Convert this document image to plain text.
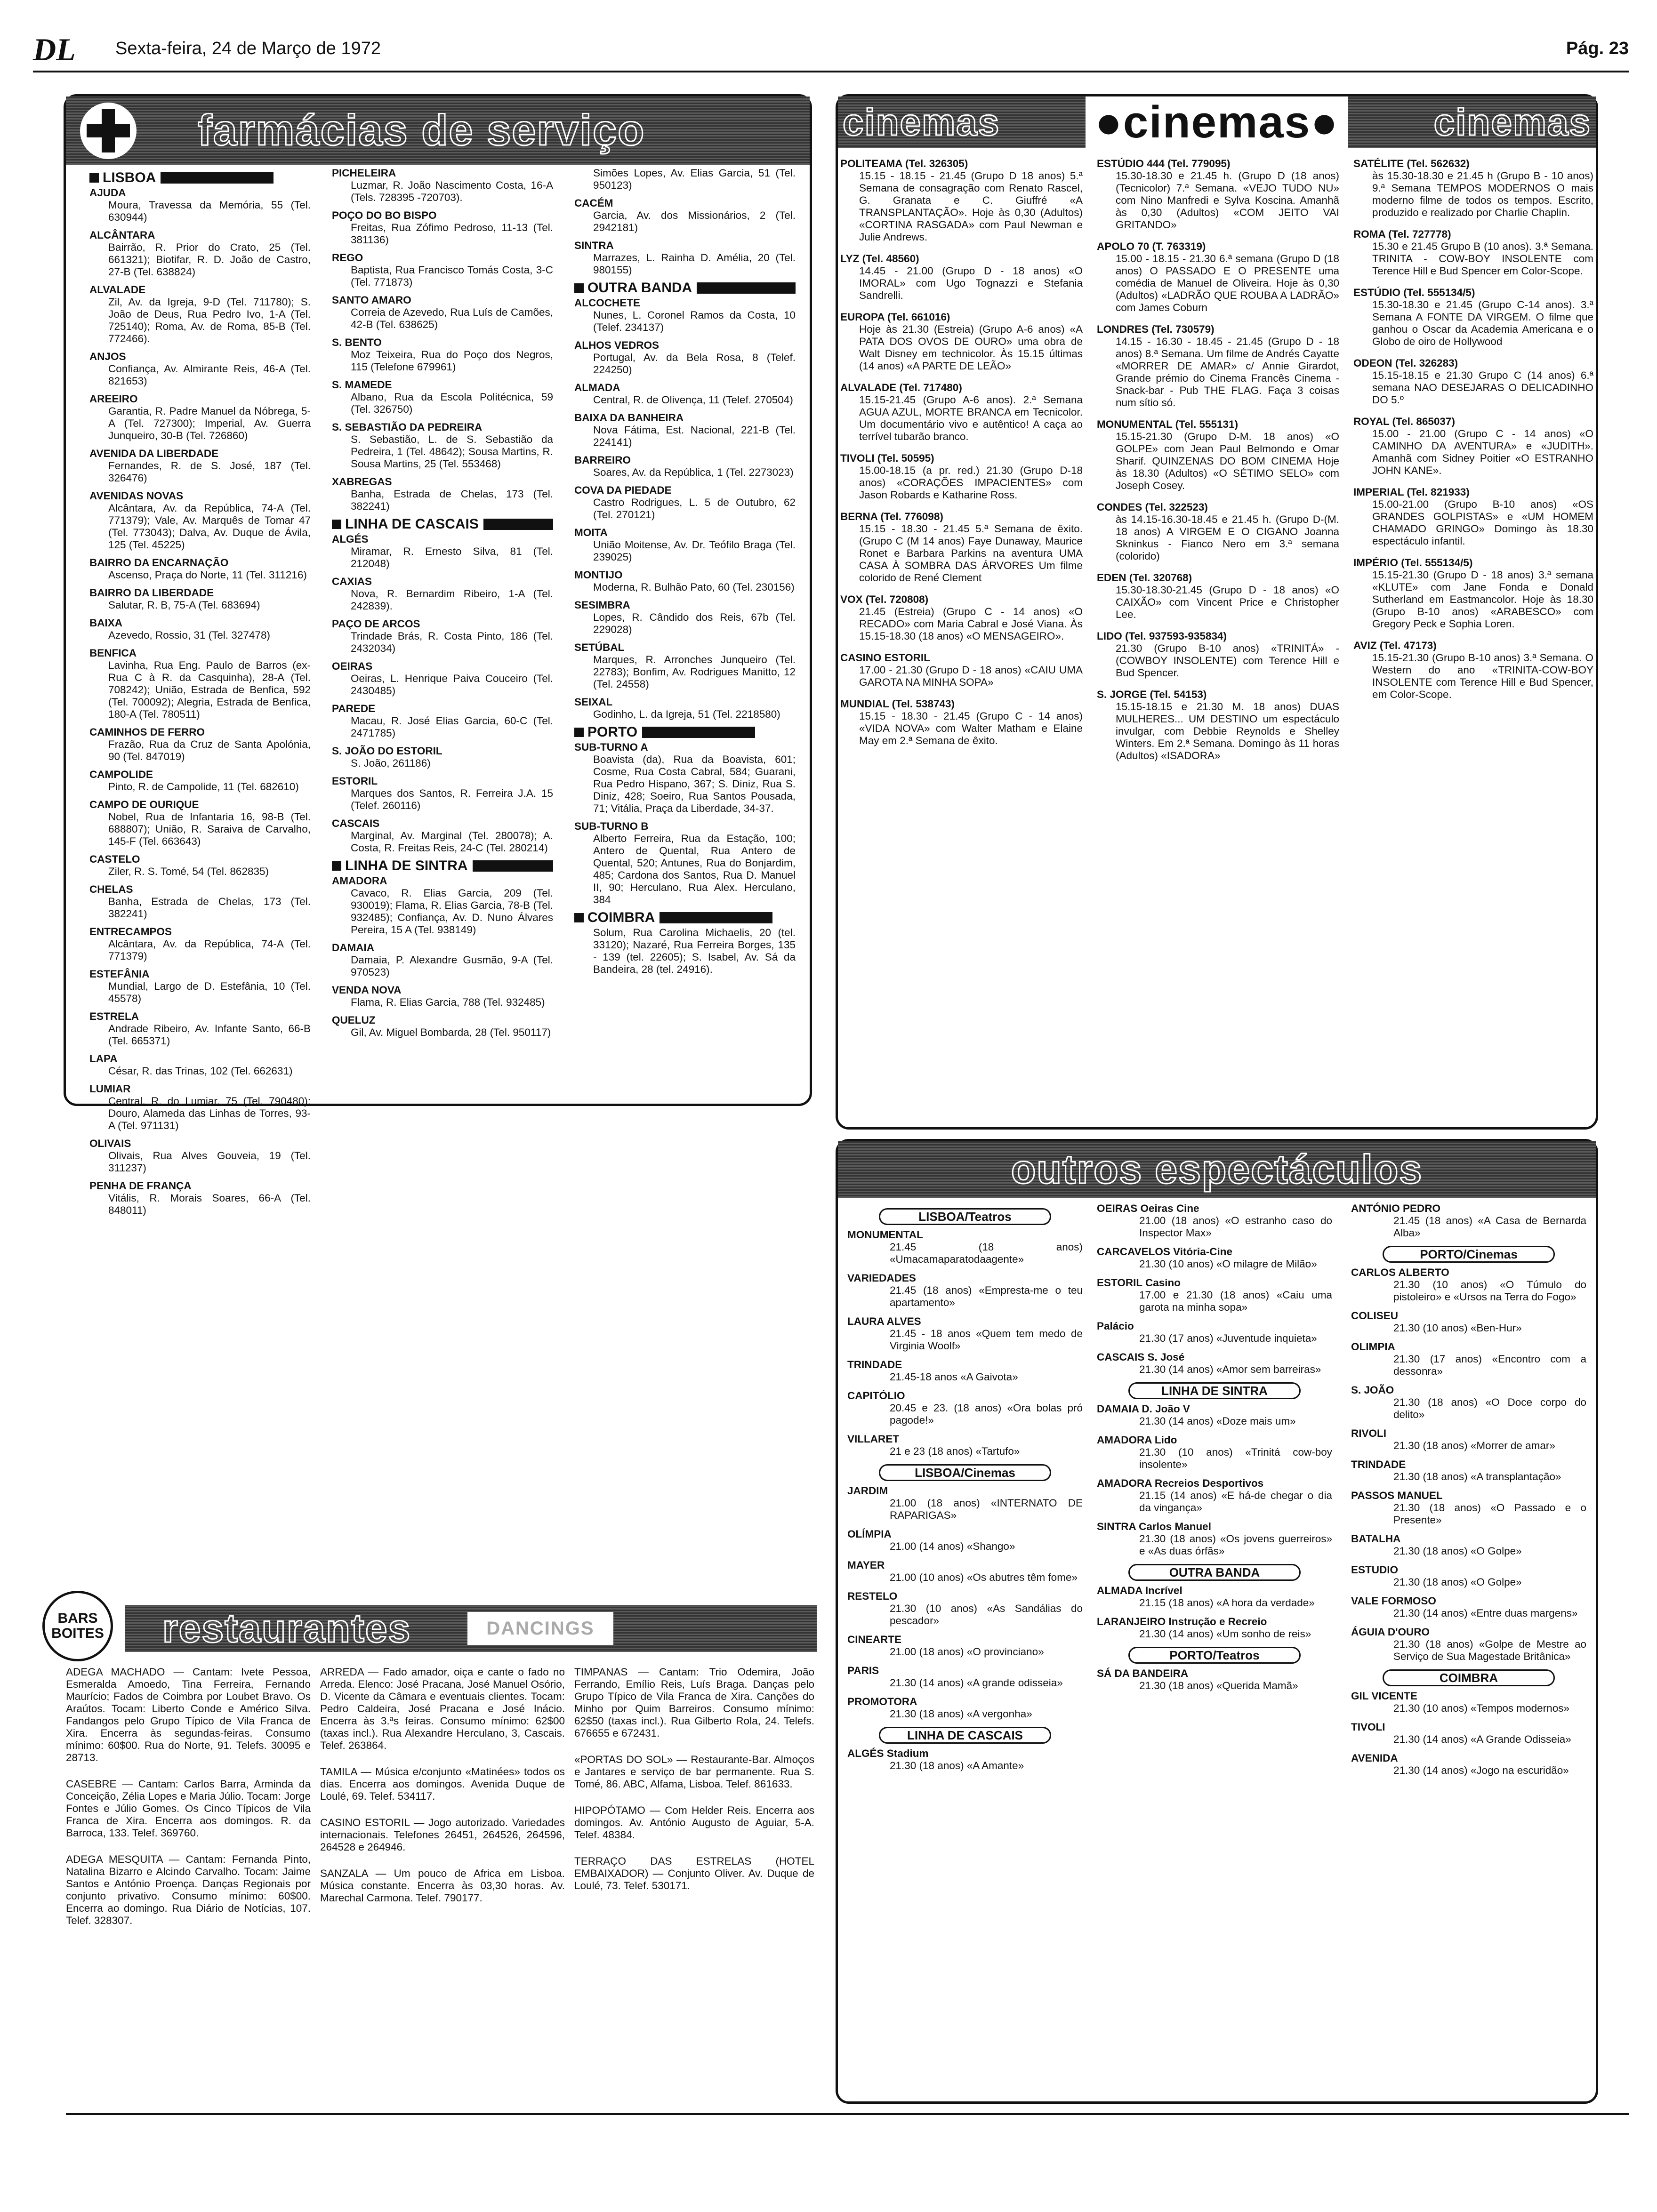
DL Sexta-feira, 24 de Março de 1972	Pág. 23
farmácias de serviço
LISBOA
AJUDA
Moura, Travessa da Memória, 55 (Tel. 630944)
ALCÂNTARA
Bairrão, R. Prior do Crato, 25 (Tel. 661321); Biotifar, R. D. João de Castro, 27-B (Tel. 638824)
ALVALADE
Zil, Av. da Igreja, 9-D (Tel. 711780); S. João de Deus, Rua Pedro Ivo, 1-A (Tel. 725140); Roma, Av. de Roma, 85-B (Tel. 772466).
ANJOS
Confiança, Av. Almirante Reis, 46-A (Tel. 821653)
AREEIRO
Garantia, R. Padre Manuel da Nóbrega, 5-A (Tel. 727300); Imperial, Av. Guerra Junqueiro, 30-B (Tel. 726860)
AVENIDA DA LIBERDADE
Fernandes, R. de S. José, 187 (Tel. 326476)
AVENIDAS NOVAS
Alcântara, Av. da República, 74-A (Tel. 771379); Vale, Av. Marquês de Tomar 47 (Tel. 773043); Dalva, Av. Duque de Ávila, 125 (Tel. 45225)
BAIRRO DA ENCARNAÇÃO
Ascenso, Praça do Norte, 11 (Tel. 311216)
BAIRRO DA LIBERDADE
Salutar, R. B, 75-A (Tel. 683694)
BAIXA
Azevedo, Rossio, 31 (Tel. 327478)
BENFICA
Lavinha, Rua Eng. Paulo de Barros (ex-Rua C à R. da Casquinha), 28-A (Tel. 708242); União, Estrada de Benfica, 592 (Tel. 700092); Alegria, Estrada de Benfica, 180-A (Tel. 780511)
CAMINHOS DE FERRO
Frazão, Rua da Cruz de Santa Apolónia, 90 (Tel. 847019)
CAMPOLIDE
Pinto, R. de Campolide, 11 (Tel. 682610)
CAMPO DE OURIQUE
Nobel, Rua de Infantaria 16, 98-B (Tel. 688807); União, R. Saraiva de Carvalho, 145-F (Tel. 663643)
CASTELO
Ziler, R. S. Tomé, 54 (Tel. 862835)
CHELAS
Banha, Estrada de Chelas, 173 (Tel. 382241)
ENTRECAMPOS
Alcântara, Av. da República, 74-A (Tel. 771379)
ESTEFÂNIA
Mundial, Largo de D. Estefânia, 10 (Tel. 45578)
ESTRELA
Andrade Ribeiro, Av. Infante Santo, 66-B (Tel. 665371)
LAPA
César, R. das Trinas, 102 (Tel. 662631)
LUMIAR
Central, R. do Lumiar, 75 (Tel. 790480); Douro, Alameda das Linhas de Torres, 93-A (Tel. 971131)
OLIVAIS
Olivais, Rua Alves Gouveia, 19 (Tel. 311237)
PENHA DE FRANÇA
Vitális, R. Morais Soares, 66-A (Tel. 848011)
PICHELEIRA
Luzmar, R. João Nascimento Costa, 16-A (Tels. 728395 -720703).
POÇO DO BO BISPO
Freitas, Rua Zófimo Pedroso, 11-13 (Tel. 381136)
REGO
Baptista, Rua Francisco Tomás Costa, 3-C (Tel. 771873)
SANTO AMARO
Correia de Azevedo, Rua Luís de Camões, 42-B (Tel. 638625)
S. BENTO
Moz Teixeira, Rua do Poço dos Negros, 115 (Telefone 679961)
S. MAMEDE
Albano, Rua da Escola Politécnica, 59 (Tel. 326750)
S. SEBASTIÃO DA PEDREIRA
S. Sebastião, L. de S. Sebastião da Pedreira, 1 (Tel. 48642); Sousa Martins, R. Sousa Martins, 25 (Tel. 553468)
XABREGAS
Banha, Estrada de Chelas, 173 (Tel. 382241)
LINHA DE CASCAIS
ALGÉS
Miramar, R. Ernesto Silva, 81 (Tel. 212048)
CAXIAS
Nova, R. Bernardim Ribeiro, 1-A (Tel. 242839).
PAÇO DE ARCOS
Trindade Brás, R. Costa Pinto, 186 (Tel. 2432034)
OEIRAS
Oeiras, L. Henrique Paiva Couceiro (Tel. 2430485)
PAREDE
Macau, R. José Elias Garcia, 60-C (Tel. 2471785)
S. JOÃO DO ESTORIL
S. João, 261186)
ESTORIL
Marques dos Santos, R. Ferreira J.A. 15 (Telef. 260116)
CASCAIS
Marginal, Av. Marginal (Tel. 280078); A. Costa, R. Freitas Reis, 24-C (Tel. 280214)
LINHA DE SINTRA
AMADORA
Cavaco, R. Elias Garcia, 209 (Tel. 930019); Flama, R. Elias Garcia, 78-B (Tel. 932485); Confiança, Av. D. Nuno Álvares Pereira, 15 A (Tel. 938149)
DAMAIA
Damaia, P. Alexandre Gusmão, 9-A (Tel. 970523)
VENDA NOVA
Flama, R. Elias Garcia, 788 (Tel. 932485)
QUELUZ
Gil, Av. Miguel Bombarda, 28 (Tel. 950117)
Simões Lopes, Av. Elias Garcia, 51 (Tel. 950123)
CACÉM
Garcia, Av. dos Missionários, 2 (Tel. 2942181)
SINTRA
Marrazes, L. Rainha D. Amélia, 20 (Tel. 980155)
OUTRA BANDA
ALCOCHETE
Nunes, L. Coronel Ramos da Costa, 10 (Telef. 234137)
ALHOS VEDROS
Portugal, Av. da Bela Rosa, 8 (Telef. 224250)
ALMADA
Central, R. de Olivença, 11 (Telef. 270504)
BAIXA DA BANHEIRA
Nova Fátima, Est. Nacional, 221-B (Tel. 224141)
BARREIRO
Soares, Av. da República, 1 (Tel. 2273023)
COVA DA PIEDADE
Castro Rodrigues, L. 5 de Outubro, 62 (Tel. 270121)
MOITA
União Moitense, Av. Dr. Teófilo Braga (Tel. 239025)
MONTIJO
Moderna, R. Bulhão Pato, 60 (Tel. 230156)
SESIMBRA
Lopes, R. Cândido dos Reis, 67b (Tel. 229028)
SETÚBAL
Marques, R. Arronches Junqueiro (Tel. 22783); Bonfim, Av. Rodrigues Manitto, 12 (Tel. 24558)
SEIXAL
Godinho, L. da Igreja, 51 (Tel. 2218580)
PORTO
SUB-TURNO A
Boavista (da), Rua da Boavista, 601; Cosme, Rua Costa Cabral, 584; Guarani, Rua Pedro Hispano, 367; S. Diniz, Rua S. Diniz, 428; Soeiro, Rua Santos Pousada, 71; Vitália, Praça da Liberdade, 34-37.
SUB-TURNO B
Alberto Ferreira, Rua da Estação, 100; Antero de Quental, Rua Antero de Quental, 520; Antunes, Rua do Bonjardim, 485; Cardona dos Santos, Rua D. Manuel II, 90; Herculano, Rua Alex. Herculano, 384
COIMBRA
Solum, Rua Carolina Michaelis, 20 (tel. 33120); Nazaré, Rua Ferreira Borges, 135 - 139 (tel. 22605); S. Isabel, Av. Sá da Bandeira, 28 (tel. 24916).
cinemas ●cinemas●	cinemas
POLITEAMA (Tel. 326305)
15.15 - 18.15 - 21.45 (Grupo D 18 anos) 5.ª Semana de consagração com Renato Rascel, G. Granata e C. Giuffré «A TRANSPLANTAÇÃO». Hoje às 0,30 (Adultos) «CORTINA RASGADA» com Paul Newman e Julie Andrews.
LYZ (Tel. 48560)
14.45 - 21.00 (Grupo D - 18 anos) «O IMORAL» com Ugo Tognazzi e Stefania Sandrelli.
EUROPA (Tel. 661016)
Hoje às 21.30 (Estreia) (Grupo A-6 anos) «A PATA DOS OVOS DE OURO» uma obra de Walt Disney em technicolor. Às 15.15 últimas (14 anos) «A PARTE DE LEÃO»
ALVALADE (Tel. 717480)
15.15-21.45 (Grupo A-6 anos). 2.ª Semana AGUA AZUL, MORTE BRANCA em Tecnicolor. Um documentário vivo e autêntico! A caça ao terrível tubarão branco.
TIVOLI (Tel. 50595)
15.00-18.15 (a pr. red.) 21.30 (Grupo D-18 anos) «CORAÇÕES IMPACIENTES» com Jason Robards e Katharine Ross.
BERNA (Tel. 776098)
15.15 - 18.30 - 21.45 5.ª Semana de êxito. (Grupo C (M 14 anos) Faye Dunaway, Maurice Ronet e Barbara Parkins na aventura UMA CASA À SOMBRA DAS ÁRVORES Um filme colorido de René Clement
VOX (Tel. 720808)
21.45 (Estreia) (Grupo C - 14 anos) «O RECADO» com Maria Cabral e José Viana. Às 15.15-18.30 (18 anos) «O MENSAGEIRO».
CASINO ESTORIL
17.00 - 21.30 (Grupo D - 18 anos) «CAIU UMA GAROTA NA MINHA SOPA»
MUNDIAL (Tel. 538743)
15.15 - 18.30 - 21.45 (Grupo C - 14 anos) «VIDA NOVA» com Walter Matham e Elaine May em 2.ª Semana de êxito.
ESTÚDIO 444 (Tel. 779095)
15.30-18.30 e 21.45 h. (Grupo D (18 anos) (Tecnicolor) 7.ª Semana. «VEJO TUDO NU» com Nino Manfredi e Sylva Koscina. Amanhã às 0,30 (Adultos) «COM JEITO VAI GRITANDO»
APOLO 70 (T. 763319)
15.00 - 18.15 - 21.30 6.ª semana (Grupo D (18 anos) O PASSADO E O PRESENTE uma comédia de Manuel de Oliveira. Hoje às 0,30 (Adultos) «LADRÃO QUE ROUBA A LADRÃO» com James Coburn
LONDRES (Tel. 730579)
14.15 - 16.30 - 18.45 - 21.45 (Grupo D - 18 anos) 8.ª Semana. Um filme de Andrés Cayatte «MORRER DE AMAR» c/ Annie Girardot, Grande prémio do Cinema Francês Cinema - Snack-bar - Pub THE FLAG. Faça 3 coisas num sítio só.
MONUMENTAL (Tel. 555131)
15.15-21.30 (Grupo D-M. 18 anos) «O GOLPE» com Jean Paul Belmondo e Omar Sharif. QUINZENAS DO BOM CINEMA Hoje às 18.30 (Adultos) «O SÉTIMO SELO» com Joseph Cosey.
CONDES (Tel. 322523)
às 14.15-16.30-18.45 e 21.45 h. (Grupo D-(M. 18 anos) A VIRGEM E O CIGANO Joanna Skninkus - Fianco Nero em 3.ª semana (colorido)
EDEN (Tel. 320768)
15.30-18.30-21.45 (Grupo D - 18 anos) «O CAIXÃO» com Vincent Price e Christopher Lee.
LIDO (Tel. 937593-935834)
21.30 (Grupo B-10 anos) «TRINITÁ» - (COWBOY INSOLENTE) com Terence Hill e Bud Spencer.
S. JORGE (Tel. 54153)
15.15-18.15 e 21.30 M. 18 anos) DUAS MULHERES... UM DESTINO um espectáculo invulgar, com Debbie Reynolds e Shelley Winters. Em 2.ª Semana. Domingo às 11 horas (Adultos) «ISADORA»
SATÉLITE (Tel. 562632)
às 15.30-18.30 e 21.45 h (Grupo B - 10 anos) 9.ª Semana TEMPOS MODERNOS O mais moderno filme de todos os tempos. Escrito, produzido e realizado por Charlie Chaplin.
ROMA (Tel. 727778)
15.30 e 21.45 Grupo B (10 anos). 3.ª Semana. TRINITA - COW-BOY INSOLENTE com Terence Hill e Bud Spencer em Color-Scope.
ESTÚDIO (Tel. 555134/5)
15.30-18.30 e 21.45 (Grupo C-14 anos). 3.ª Semana A FONTE DA VIRGEM. O filme que ganhou o Oscar da Academia Americana e o Globo de oiro de Hollywood
ODEON (Tel. 326283)
15.15-18.15 e 21.30 Grupo C (14 anos) 6.ª semana NAO DESEJARAS O DELICADINHO DO 5.º
ROYAL (Tel. 865037)
15.00 - 21.00 (Grupo C - 14 anos) «O CAMINHO DA AVENTURA» e «JUDITH». Amanhã com Sidney Poitier «O ESTRANHO JOHN KANE».
IMPERIAL (Tel. 821933)
15.00-21.00 (Grupo B-10 anos) «OS GRANDES GOLPISTAS» e «UM HOMEM CHAMADO GRINGO» Domingo às 18.30 espectáculo infantil.
IMPÉRIO (Tel. 555134/5)
15.15-21.30 (Grupo D - 18 anos) 3.ª semana «KLUTE» com Jane Fonda e Donald Sutherland em Eastmancolor. Hoje às 18.30 (Grupo B-10 anos) «ARABESCO» com Gregory Peck e Sophia Loren.
AVIZ (Tel. 47173)
15.15-21.30 (Grupo B-10 anos) 3.ª Semana. O Western do ano «TRINITA-COW-BOY INSOLENTE com Terence Hill e Bud Spencer, em Color-Scope.
outros espectáculos
LISBOA/Teatros
MONUMENTAL
21.45 (18 anos) «Umacamaparatodaagente»
VARIEDADES
21.45 (18 anos) «Empresta-me o teu apartamento»
LAURA ALVES
21.45 - 18 anos «Quem tem medo de Virginia Woolf»
TRINDADE
21.45-18 anos «A Gaivota»
CAPITÓLIO
20.45 e 23. (18 anos) «Ora bolas pró pagode!»
VILLARET
21 e 23 (18 anos) «Tartufo»
LISBOA/Cinemas
JARDIM
21.00 (18 anos) «INTERNATO DE RAPARIGAS»
OLÍMPIA
21.00 (14 anos) «Shango»
MAYER
21.00 (10 anos) «Os abutres têm fome»
RESTELO
21.30 (10 anos) «As Sandálias do pescador»
CINEARTE
21.00 (18 anos) «O provinciano»
PARIS
21.30 (14 anos) «A grande odisseia»
PROMOTORA
21.30 (18 anos) «A vergonha»
LINHA DE CASCAIS
ALGÉS Stadium
21.30 (18 anos) «A Amante»
OEIRAS Oeiras Cine
21.00 (18 anos) «O estranho caso do Inspector Max»
CARCAVELOS Vitória-Cine
21.30 (10 anos) «O milagre de Milão»
ESTORIL Casino
17.00 e 21.30 (18 anos) «Caiu uma garota na minha sopa»
Palácio
21.30 (17 anos) «Juventude inquieta»
CASCAIS S. José
21.30 (14 anos) «Amor sem barreiras»
LINHA DE SINTRA
DAMAIA D. João V
21.30 (14 anos) «Doze mais um»
AMADORA Lido
21.30 (10 anos) «Trinitá cow-boy insolente»
AMADORA Recreios Desportivos
21.15 (14 anos) «E há-de chegar o dia da vingança»
SINTRA Carlos Manuel
21.30 (18 anos) «Os jovens guerreiros» e «As duas órfãs»
OUTRA BANDA
ALMADA Incrível
21.15 (18 anos) «A hora da verdade»
LARANJEIRO Instrução e Recreio
21.30 (14 anos) «Um sonho de reis»
PORTO/Teatros
SÁ DA BANDEIRA
21.30 (18 anos) «Querida Mamã»
ANTÓNIO PEDRO
21.45 (18 anos) «A Casa de Bernarda Alba»
PORTO/Cinemas
CARLOS ALBERTO
21.30 (10 anos) «O Túmulo do pistoleiro» e «Ursos na Terra do Fogo»
COLISEU
21.30 (10 anos) «Ben-Hur»
OLIMPIA
21.30 (17 anos) «Encontro com a dessonra»
S. JOÃO
21.30 (18 anos) «O Doce corpo do delito»
RIVOLI
21.30 (18 anos) «Morrer de amar»
TRINDADE
21.30 (18 anos) «A transplantação»
PASSOS MANUEL
21.30 (18 anos) «O Passado e o Presente»
BATALHA
21.30 (18 anos) «O Golpe»
ESTUDIO
21.30 (18 anos) «O Golpe»
VALE FORMOSO
21.30 (14 anos) «Entre duas margens»
ÁGUIA D'OURO
21.30 (18 anos) «Golpe de Mestre ao Serviço de Sua Magestade Britânica»
COIMBRA
GIL VICENTE
21.30 (10 anos) «Tempos modernos»
TIVOLI
21.30 (14 anos) «A Grande Odisseia»
AVENIDA
21.30 (14 anos) «Jogo na escuridão»
restaurantes	DANCINGS
BARS
BOITES
ADEGA MACHADO — Cantam: Ivete Pessoa, Esmeralda Amoedo, Tina Ferreira, Fernando Maurício; Fados de Coimbra por Loubet Bravo. Os Araútos. Tocam: Liberto Conde e Américo Silva. Fandangos pelo Grupo Típico de Vila Franca de Xira. Encerra às segundas-feiras. Consumo mínimo: 60$00. Rua do Norte, 91. Telefs. 30095 e 28713.
CASEBRE — Cantam: Carlos Barra, Arminda da Conceição, Zélia Lopes e Maria Júlio. Tocam: Jorge Fontes e Júlio Gomes. Os Cinco Típicos de Vila Franca de Xira. Encerra aos domingos. R. da Barroca, 133. Telef. 369760.
ADEGA MESQUITA — Cantam: Fernanda Pinto, Natalina Bizarro e Alcindo Carvalho. Tocam: Jaime Santos e António Proença. Danças Regionais por conjunto privativo. Consumo mínimo: 60$00. Encerra ao domingo. Rua Diário de Notícias, 107. Telef. 328307.
ARREDA — Fado amador, oiça e cante o fado no Arreda. Elenco: José Pracana, José Manuel Osório, D. Vicente da Câmara e eventuais clientes. Tocam: Pedro Caldeira, José Pracana e José Inácio. Encerra às 3.ªs feiras. Consumo mínimo: 62$00 (taxas incl.). Rua Alexandre Herculano, 3, Cascais. Telef. 263864.
TAMILA — Música e/conjunto «Matinées» todos os dias. Encerra aos domingos. Avenida Duque de Loulé, 69. Telef. 534117.
CASINO ESTORIL — Jogo autorizado. Variedades internacionais. Telefones 26451, 264526, 264596, 264528 e 264946.
SANZALA — Um pouco de Africa em Lisboa. Música constante. Encerra às 03,30 horas. Av. Marechal Carmona. Telef. 790177.
TIMPANAS — Cantam: Trio Odemira, João Ferrando, Emílio Reis, Luís Braga. Danças pelo Grupo Típico de Vila Franca de Xira. Canções do Minho por Quim Barreiros. Consumo mínimo: 62$50 (taxas incl.). Rua Gilberto Rola, 24. Telefs. 676655 e 672431.
«PORTAS DO SOL» — Restaurante-Bar. Almoços e Jantares e serviço de bar permanente. Rua S. Tomé, 86. ABC, Alfama, Lisboa. Telef. 861633.
HIPOPÓTAMO — Com Helder Reis. Encerra aos domingos. Av. António Augusto de Aguiar, 5-A. Telef. 48384.
TERRAÇO DAS ESTRELAS (HOTEL EMBAIXADOR) — Conjunto Oliver. Av. Duque de Loulé, 73. Telef. 530171.
